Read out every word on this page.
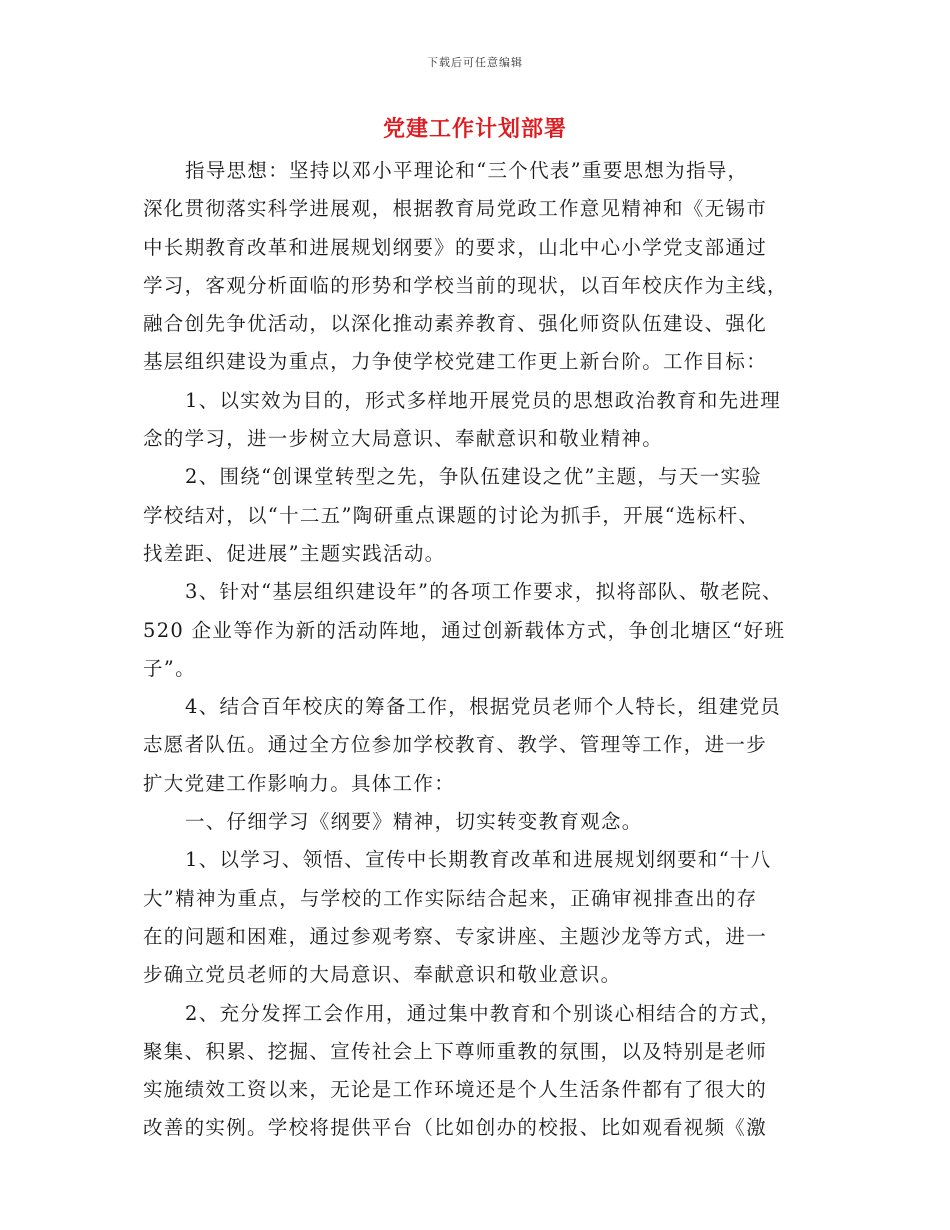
下载后可任意编辑
党建工作计划部署
指导思想：坚持以邓小平理论和“三个代表”重要思想为指导，
深化贯彻落实科学进展观，根据教育局党政工作意见精神和《无锡市
中长期教育改革和进展规划纲要》的要求，山北中心小学党支部通过
学习，客观分析面临的形势和学校当前的现状，以百年校庆作为主线，
融合创先争优活动，以深化推动素养教育、强化师资队伍建设、强化
基层组织建设为重点，力争使学校党建工作更上新台阶。工作目标：
1、以实效为目的，形式多样地开展党员的思想政治教育和先进理
念的学习，进一步树立大局意识、奉献意识和敬业精神。
2、围绕“创课堂转型之先，争队伍建设之优”主题，与天一实验
学校结对，以“十二五”陶研重点课题的讨论为抓手，开展“选标杆、
找差距、促进展”主题实践活动。
3、针对“基层组织建设年”的各项工作要求，拟将部队、敬老院、
520 企业等作为新的活动阵地，通过创新载体方式，争创北塘区“好班
子”。
4、结合百年校庆的筹备工作，根据党员老师个人特长，组建党员
志愿者队伍。通过全方位参加学校教育、教学、管理等工作，进一步
扩大党建工作影响力。具体工作：
一、仔细学习《纲要》精神，切实转变教育观念。
1、以学习、领悟、宣传中长期教育改革和进展规划纲要和“十八
大”精神为重点，与学校的工作实际结合起来，正确审视排查出的存
在的问题和困难，通过参观考察、专家讲座、主题沙龙等方式，进一
步确立党员老师的大局意识、奉献意识和敬业意识。
2、充分发挥工会作用，通过集中教育和个别谈心相结合的方式，
聚集、积累、挖掘、宣传社会上下尊师重教的氛围，以及特别是老师
实施绩效工资以来，无论是工作环境还是个人生活条件都有了很大的
改善的实例。学校将提供平台（比如创办的校报、比如观看视频《激
